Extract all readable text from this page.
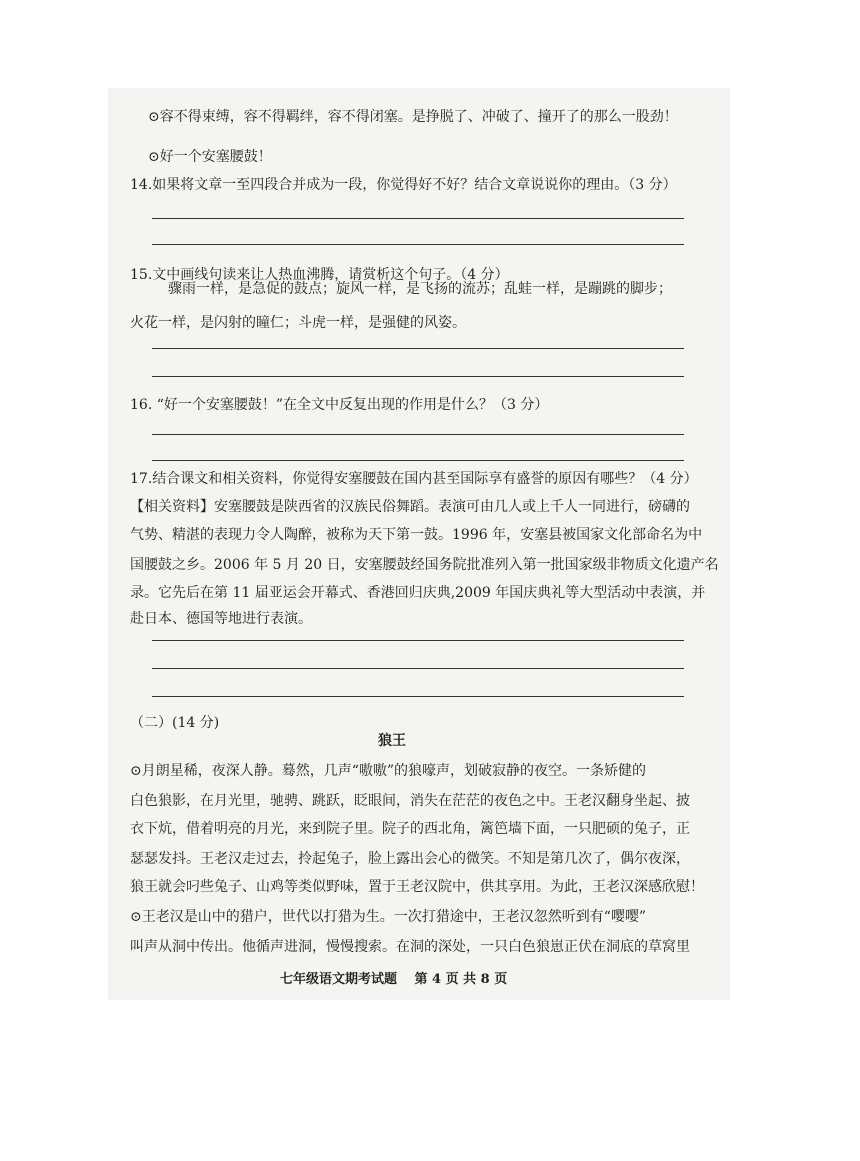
⊙容不得束缚，容不得羁绊，容不得闭塞。是挣脱了、冲破了、撞开了的那么一股劲！
⊙好一个安塞腰鼓！
14.如果将文章一至四段合并成为一段，你觉得好不好？结合文章说说你的理由。（3 分）
15.文中画线句读来让人热血沸腾，请赏析这个句子。（4 分）
骤雨一样，是急促的鼓点；旋风一样，是飞扬的流苏；乱蛙一样，是蹦跳的脚步；
火花一样，是闪射的瞳仁；斗虎一样，是强健的风姿。
16. “好一个安塞腰鼓！”在全文中反复出现的作用是什么？（3 分）
17.结合课文和相关资料，你觉得安塞腰鼓在国内甚至国际享有盛誉的原因有哪些？（4 分）
【相关资料】安塞腰鼓是陕西省的汉族民俗舞蹈。表演可由几人或上千人一同进行，磅礴的
气势、精湛的表现力令人陶醉，被称为天下第一鼓。1996 年，安塞县被国家文化部命名为中
国腰鼓之乡。2006 年 5 月 20 日，安塞腰鼓经国务院批准列入第一批国家级非物质文化遗产名
录。它先后在第 11 届亚运会开幕式、香港回归庆典,2009 年国庆典礼等大型活动中表演，并
赴日本、德国等地进行表演。
（二）(14 分)
狼王
⊙月朗星稀，夜深人静。蓦然，几声“嗷嗷”的狼嚎声，划破寂静的夜空。一条矫健的
白色狼影，在月光里，驰骋、跳跃，眨眼间，消失在茫茫的夜色之中。王老汉翻身坐起、披
衣下炕，借着明亮的月光，来到院子里。院子的西北角，篱笆墙下面，一只肥硕的兔子，正
瑟瑟发抖。王老汉走过去，拎起兔子，脸上露出会心的微笑。不知是第几次了，偶尔夜深，
狼王就会叼些兔子、山鸡等类似野味，置于王老汉院中，供其享用。为此，王老汉深感欣慰！
⊙王老汉是山中的猎户，世代以打猎为生。一次打猎途中，王老汉忽然听到有“嘤嘤”
叫声从洞中传出。他循声进洞，慢慢搜索。在洞的深处，一只白色狼崽正伏在洞底的草窝里
七年级语文期考试题　 第 4 页 共 8 页
